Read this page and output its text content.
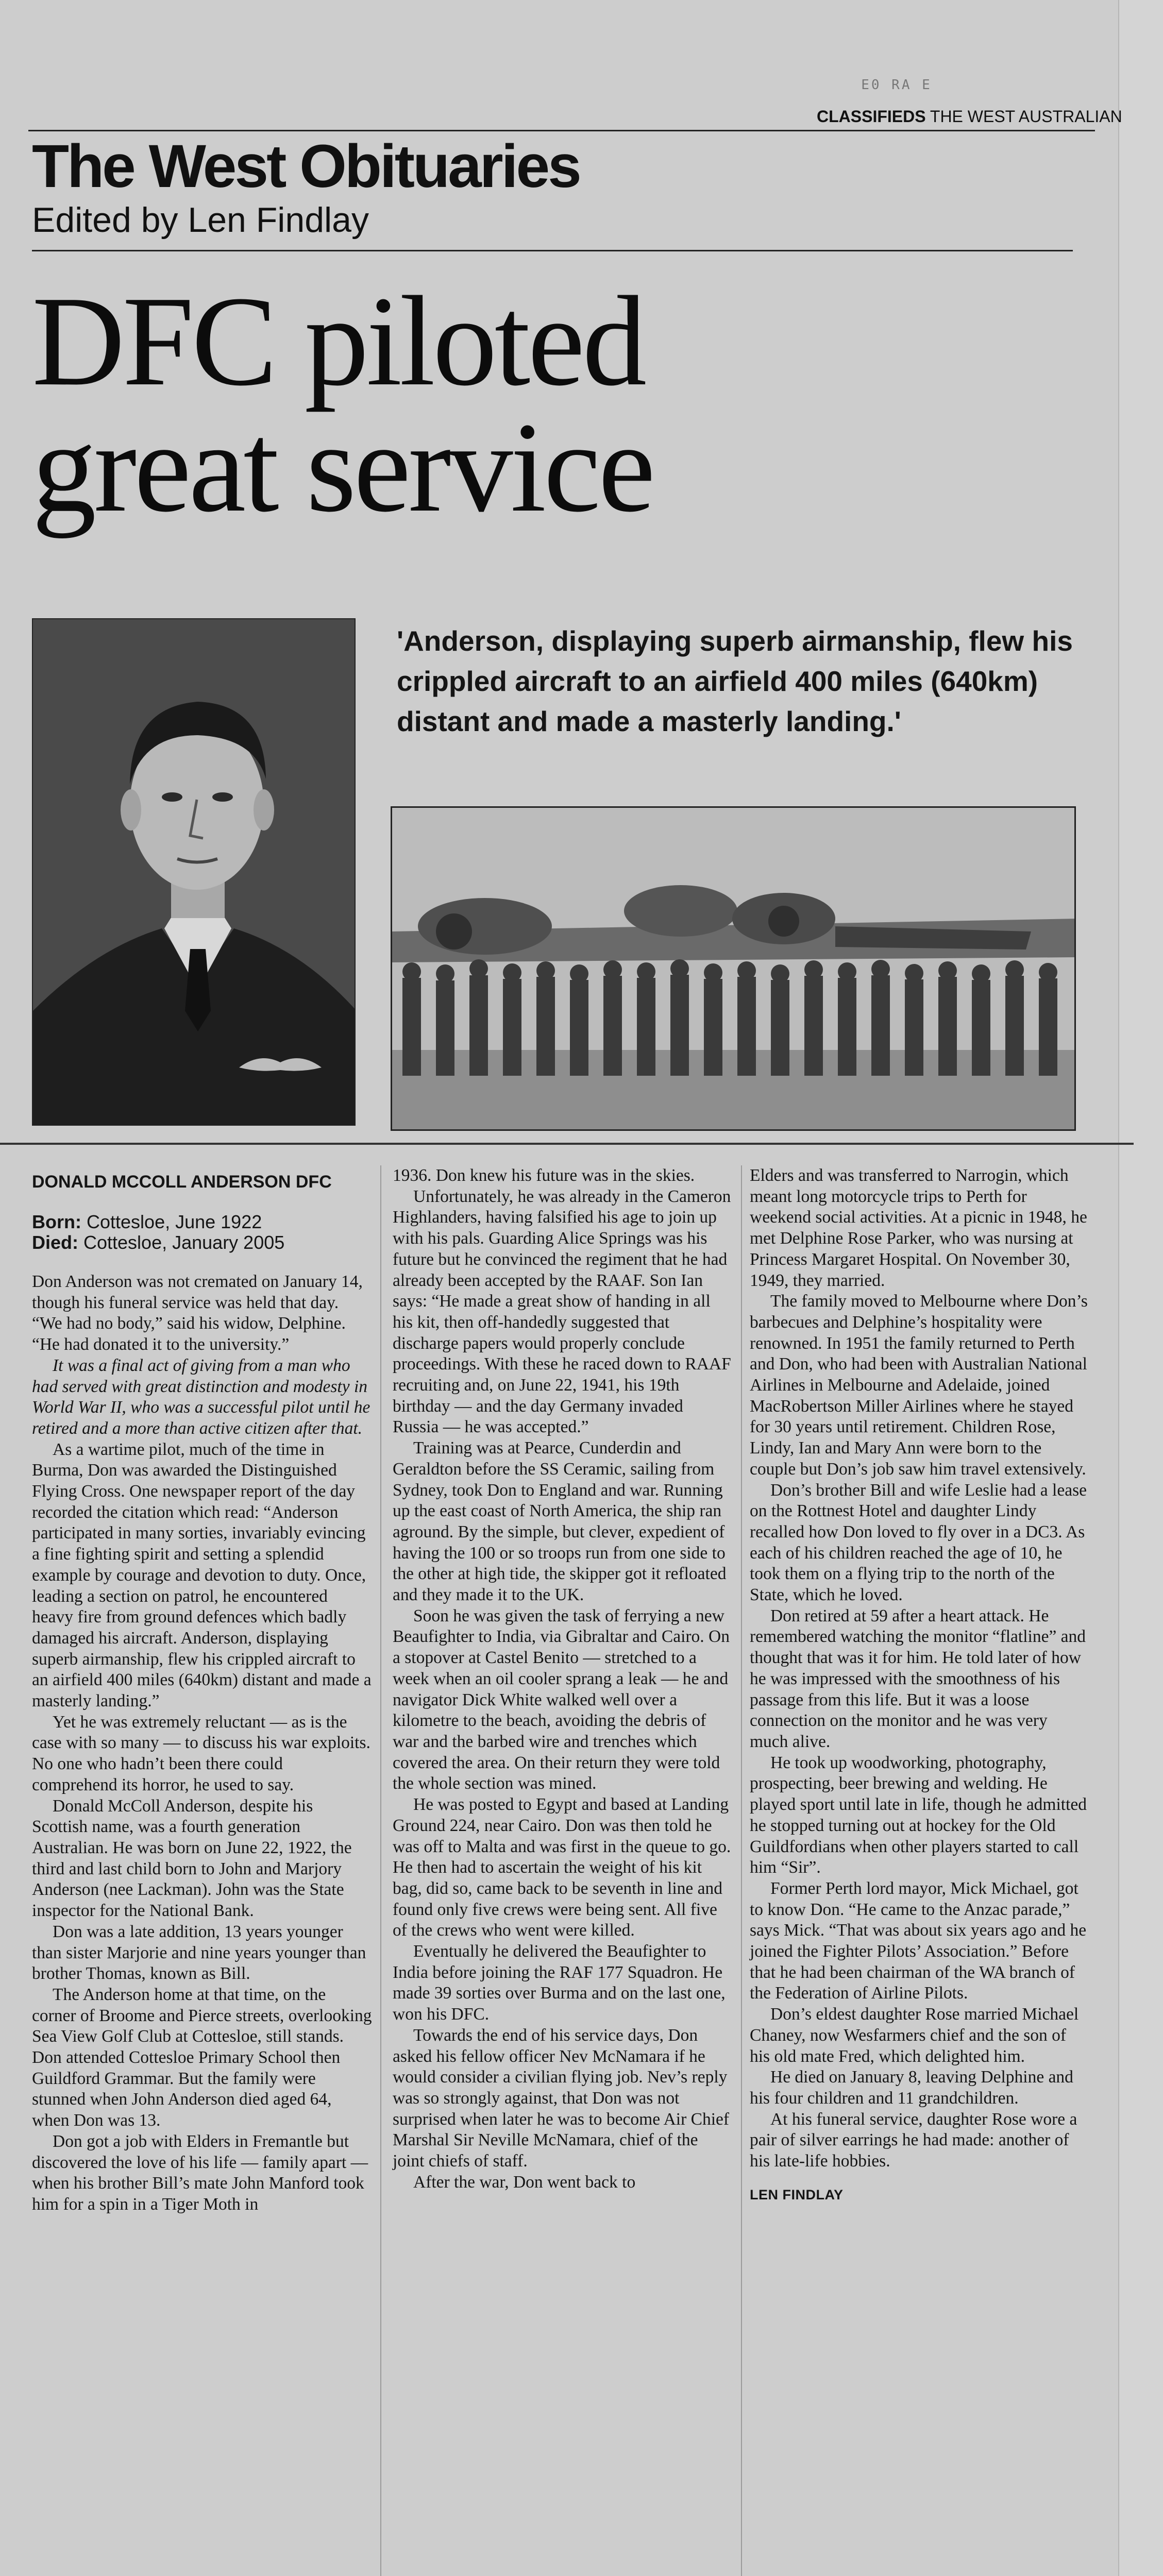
E0 RA E
CLASSIFIEDS THE WEST AUSTRALIAN
The West Obituaries
Edited by Len Findlay
DFC piloted
great service
'Anderson, displaying superb airmanship, flew his crippled aircraft to an airfield 400 miles (640km) distant and made a masterly landing.'
DONALD MCCOLL ANDERSON DFC
Born: Cottesloe, June 1922
Died: Cottesloe, January 2005

Don Anderson was not cremated on January 14, though his funeral service was held that day. “We had no body,” said his widow, Delphine. “He had donated it to the university.”

It was a final act of giving from a man who had served with great distinction and modesty in World War II, who was a successful pilot until he retired and a more than active citizen after that.

As a wartime pilot, much of the time in Burma, Don was awarded the Distinguished Flying Cross. One newspaper report of the day recorded the citation which read: “Anderson participated in many sorties, invariably evincing a fine fighting spirit and setting a splendid example by courage and devotion to duty. Once, leading a section on patrol, he encountered heavy fire from ground defences which badly damaged his aircraft. Anderson, displaying superb airmanship, flew his crippled aircraft to an airfield 400 miles (640km) distant and made a masterly landing.”

Yet he was extremely reluctant — as is the case with so many — to discuss his war exploits. No one who hadn’t been there could comprehend its horror, he used to say.

Donald McColl Anderson, despite his Scottish name, was a fourth generation Australian. He was born on June 22, 1922, the third and last child born to John and Marjory Anderson (nee Lackman). John was the State inspector for the National Bank.

Don was a late addition, 13 years younger than sister Marjorie and nine years younger than brother Thomas, known as Bill.

The Anderson home at that time, on the corner of Broome and Pierce streets, overlooking Sea View Golf Club at Cottesloe, still stands. Don attended Cottesloe Primary School then Guildford Grammar. But the family were stunned when John Anderson died aged 64, when Don was 13.

Don got a job with Elders in Fremantle but discovered the love of his life — family apart — when his brother Bill’s mate John Manford took him for a spin in a Tiger Moth in

1936. Don knew his future was in the skies.

Unfortunately, he was already in the Cameron Highlanders, having falsified his age to join up with his pals. Guarding Alice Springs was his future but he convinced the regiment that he had already been accepted by the RAAF. Son Ian says: “He made a great show of handing in all his kit, then off-handedly suggested that discharge papers would properly conclude proceedings. With these he raced down to RAAF recruiting and, on June 22, 1941, his 19th birthday — and the day Germany invaded Russia — he was accepted.”

Training was at Pearce, Cunderdin and Geraldton before the SS Ceramic, sailing from Sydney, took Don to England and war. Running up the east coast of North America, the ship ran aground. By the simple, but clever, expedient of having the 100 or so troops run from one side to the other at high tide, the skipper got it refloated and they made it to the UK.

Soon he was given the task of ferrying a new Beaufighter to India, via Gibraltar and Cairo. On a stopover at Castel Benito — stretched to a week when an oil cooler sprang a leak — he and navigator Dick White walked well over a kilometre to the beach, avoiding the debris of war and the barbed wire and trenches which covered the area. On their return they were told the whole section was mined.

He was posted to Egypt and based at Landing Ground 224, near Cairo. Don was then told he was off to Malta and was first in the queue to go. He then had to ascertain the weight of his kit bag, did so, came back to be seventh in line and found only five crews were being sent. All five of the crews who went were killed.

Eventually he delivered the Beaufighter to India before joining the RAF 177 Squadron. He made 39 sorties over Burma and on the last one, won his DFC.

Towards the end of his service days, Don asked his fellow officer Nev McNamara if he would consider a civilian flying job. Nev’s reply was so strongly against, that Don was not surprised when later he was to become Air Chief Marshal Sir Neville McNamara, chief of the joint chiefs of staff.

After the war, Don went back to

Elders and was transferred to Narrogin, which meant long motorcycle trips to Perth for weekend social activities. At a picnic in 1948, he met Delphine Rose Parker, who was nursing at Princess Margaret Hospital. On November 30, 1949, they married.

The family moved to Melbourne where Don’s barbecues and Delphine’s hospitality were renowned. In 1951 the family returned to Perth and Don, who had been with Australian National Airlines in Melbourne and Adelaide, joined MacRobertson Miller Airlines where he stayed for 30 years until retirement. Children Rose, Lindy, Ian and Mary Ann were born to the couple but Don’s job saw him travel extensively.

Don’s brother Bill and wife Leslie had a lease on the Rottnest Hotel and daughter Lindy recalled how Don loved to fly over in a DC3. As each of his children reached the age of 10, he took them on a flying trip to the north of the State, which he loved.

Don retired at 59 after a heart attack. He remembered watching the monitor “flatline” and thought that was it for him. He told later of how he was impressed with the smoothness of his passage from this life. But it was a loose connection on the monitor and he was very much alive.

He took up woodworking, photography, prospecting, beer brewing and welding. He played sport until late in life, though he admitted he stopped turning out at hockey for the Old Guildfordians when other players started to call him “Sir”.

Former Perth lord mayor, Mick Michael, got to know Don. “He came to the Anzac parade,” says Mick. “That was about six years ago and he joined the Fighter Pilots’ Association.” Before that he had been chairman of the WA branch of the Federation of Airline Pilots.

Don’s eldest daughter Rose married Michael Chaney, now Wesfarmers chief and the son of his old mate Fred, which delighted him.

He died on January 8, leaving Delphine and his four children and 11 grandchildren.

At his funeral service, daughter Rose wore a pair of silver earrings he had made: another of his late-life hobbies.

LEN FINDLAY
